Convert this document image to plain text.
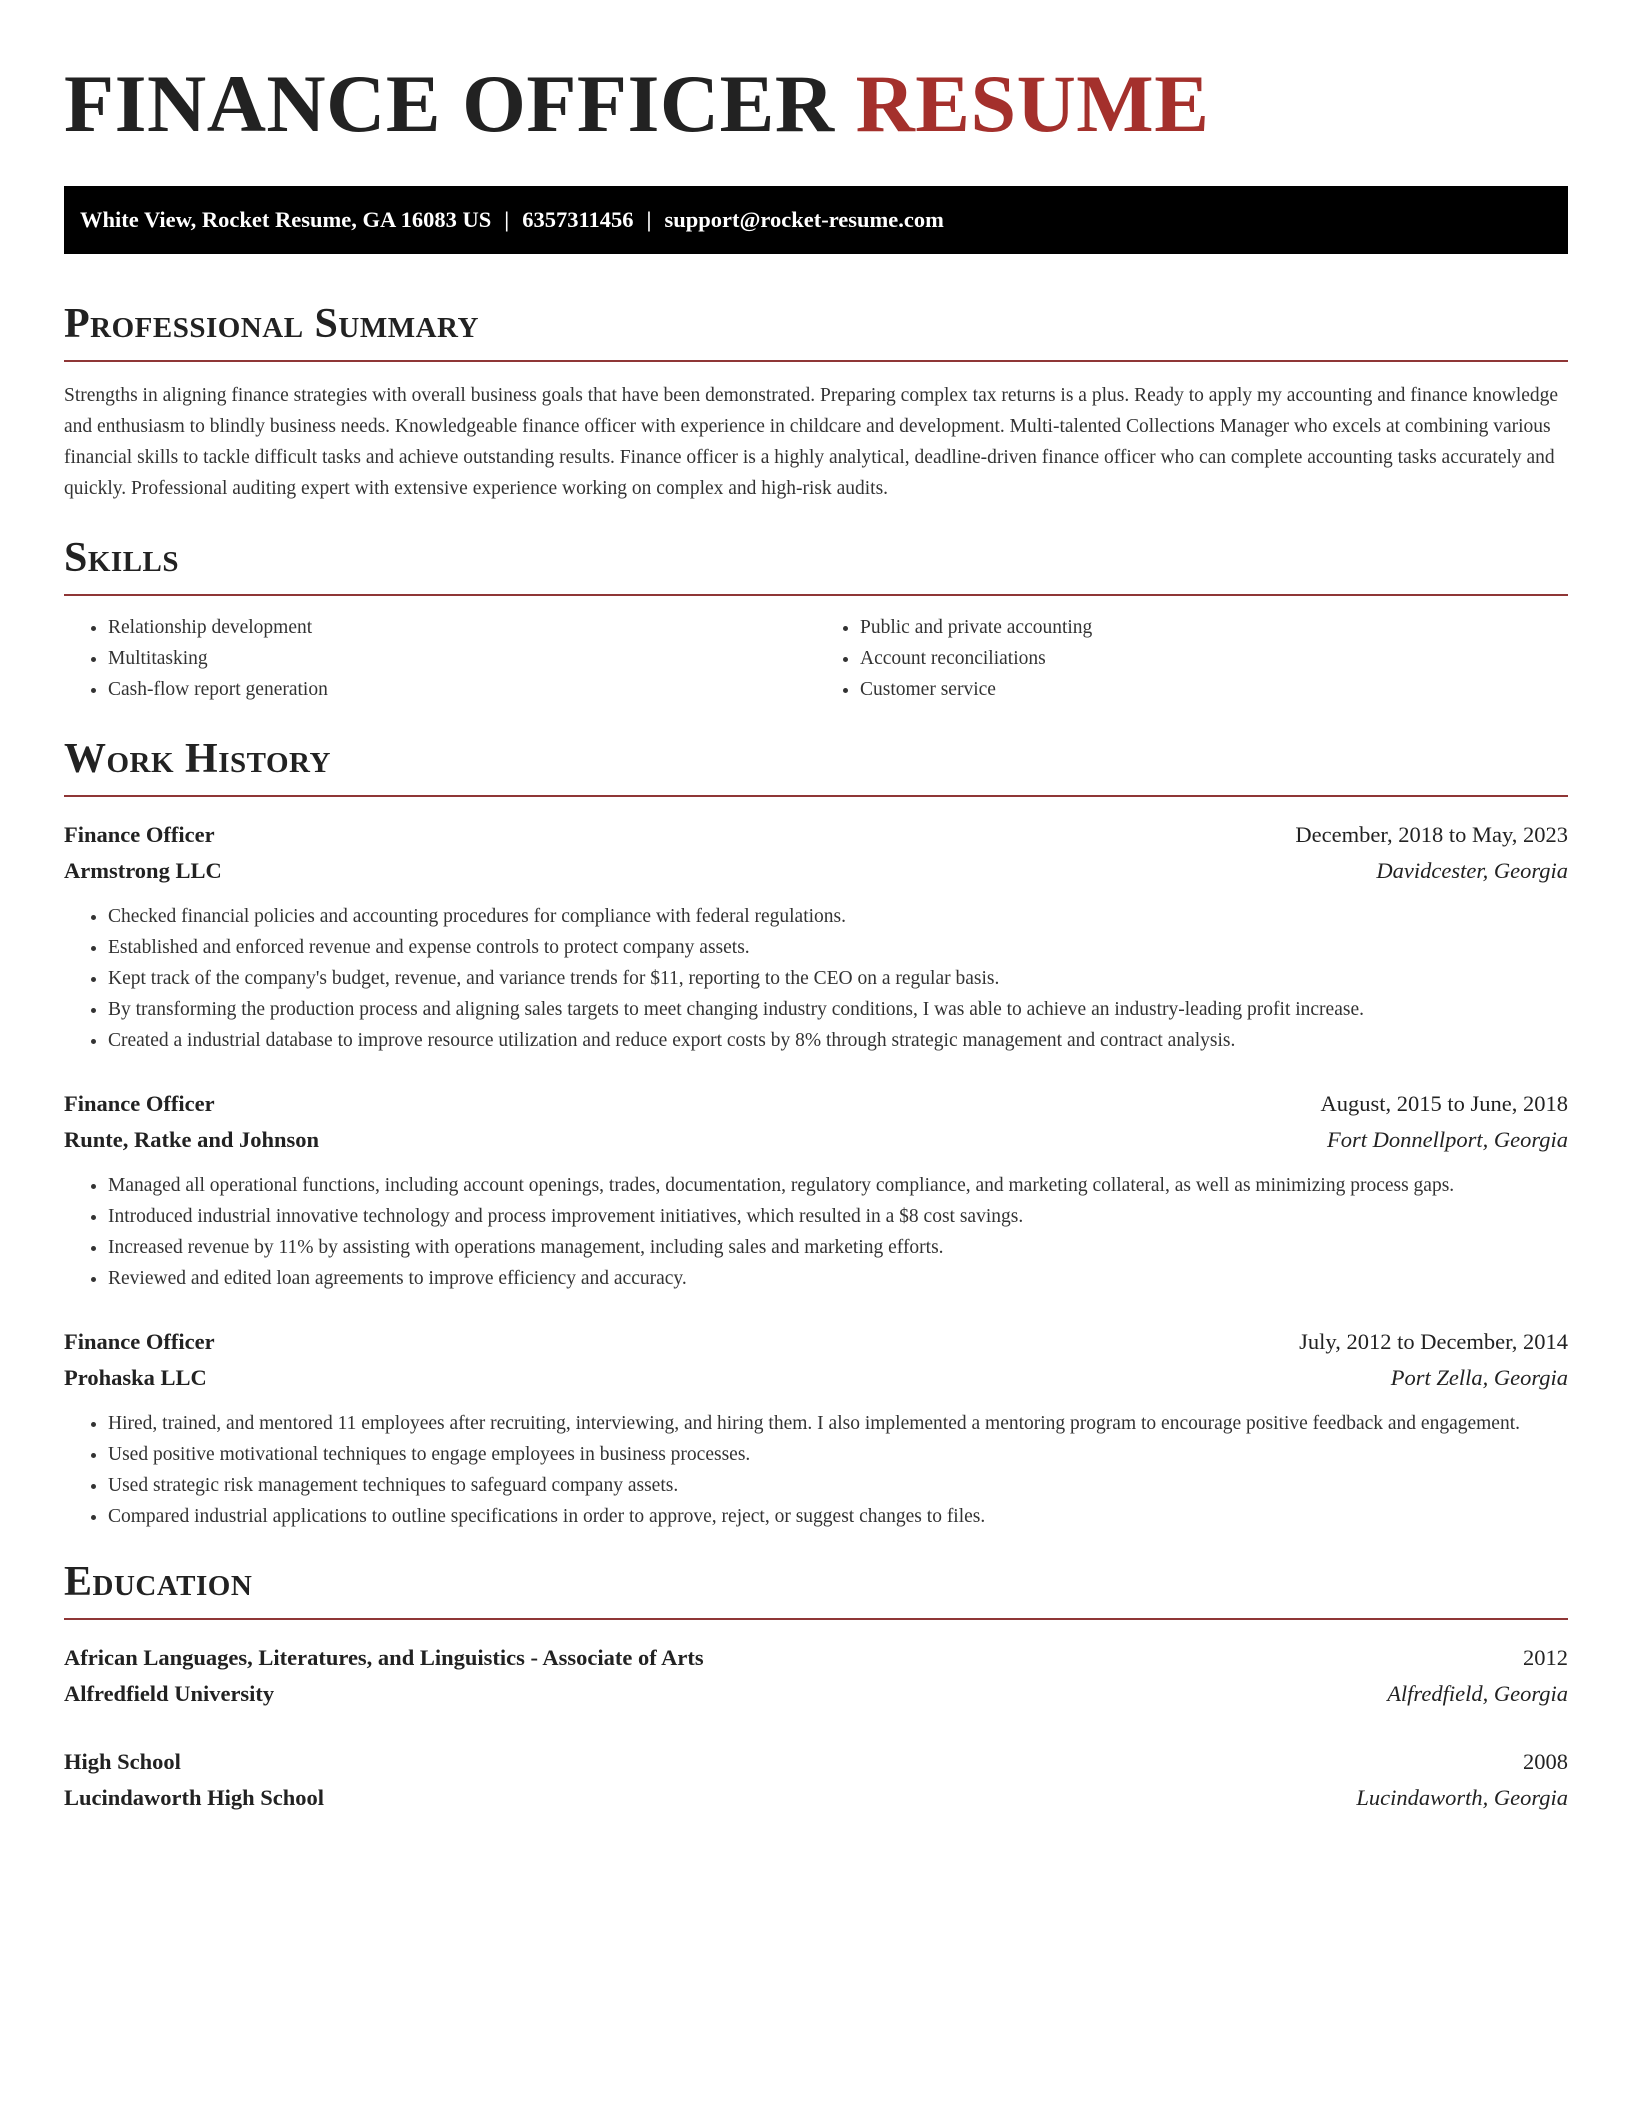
FINANCE OFFICER RESUME
White View, Rocket Resume, GA 16083 US | 6357311456 | support@rocket-resume.com
Professional Summary

Strengths in aligning finance strategies with overall business goals that have been demonstrated. Preparing complex tax returns is a plus. Ready to apply my accounting and finance knowledge and enthusiasm to blindly business needs. Knowledgeable finance officer with experience in childcare and development. Multi-talented Collections Manager who excels at combining various financial skills to tackle difficult tasks and achieve outstanding results. Finance officer is a highly analytical, deadline-driven finance officer who can complete accounting tasks accurately and quickly. Professional auditing expert with extensive experience working on complex and high-risk audits.

Skills
• Relationship development
• Multitasking
• Cash-flow report generation
• Public and private accounting
• Account reconciliations
• Customer service
Work History
Finance Officer	December, 2018 to May, 2023
Armstrong LLC	Davidcester, Georgia
• Checked financial policies and accounting procedures for compliance with federal regulations.
• Established and enforced revenue and expense controls to protect company assets.
• Kept track of the company's budget, revenue, and variance trends for $11, reporting to the CEO on a regular basis.
• By transforming the production process and aligning sales targets to meet changing industry conditions, I was able to achieve an industry-leading profit increase.
• Created a industrial database to improve resource utilization and reduce export costs by 8% through strategic management and contract analysis.
Finance Officer	August, 2015 to June, 2018
Runte, Ratke and Johnson	Fort Donnellport, Georgia
• Managed all operational functions, including account openings, trades, documentation, regulatory compliance, and marketing collateral, as well as minimizing process gaps.
• Introduced industrial innovative technology and process improvement initiatives, which resulted in a $8 cost savings.
• Increased revenue by 11% by assisting with operations management, including sales and marketing efforts.
• Reviewed and edited loan agreements to improve efficiency and accuracy.
Finance Officer	July, 2012 to December, 2014
Prohaska LLC	Port Zella, Georgia
• Hired, trained, and mentored 11 employees after recruiting, interviewing, and hiring them. I also implemented a mentoring program to encourage positive feedback and engagement.
• Used positive motivational techniques to engage employees in business processes.
• Used strategic risk management techniques to safeguard company assets.
• Compared industrial applications to outline specifications in order to approve, reject, or suggest changes to files.
Education
African Languages, Literatures, and Linguistics - Associate of Arts	2012
Alfredfield University	Alfredfield, Georgia
High School	2008
Lucindaworth High School	Lucindaworth, Georgia
